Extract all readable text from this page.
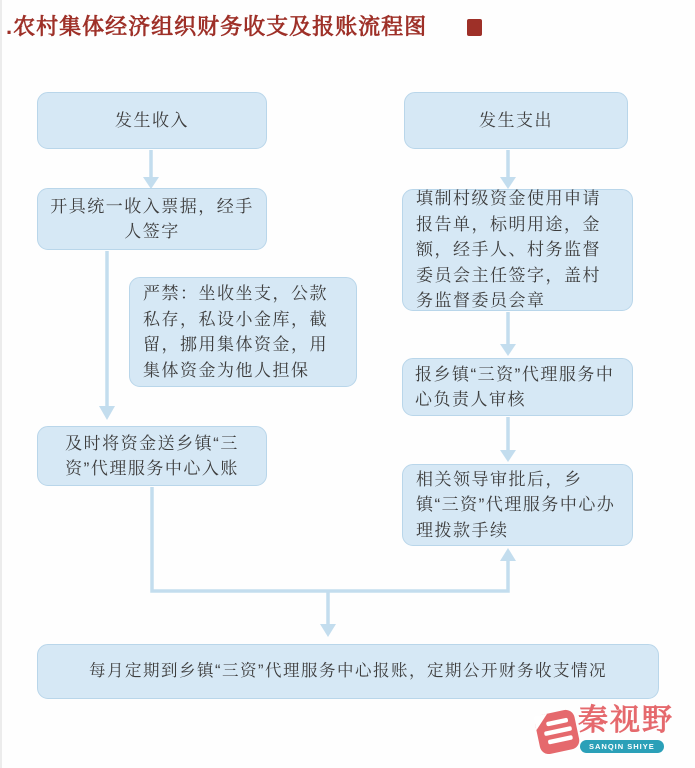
.农村集体经济组织财务收支及报账流程图
发生收入
开具统一收入票据，经手人签字
严禁：坐收坐支，公款私存，私设小金库，截留，挪用集体资金，用集体资金为他人担保
及时将资金送乡镇“三资”代理服务中心入账
发生支出
填制村级资金使用申请报告单，标明用途，金额，经手人、村务监督委员会主任签字，盖村务监督委员会章
报乡镇“三资”代理服务中心负责人审核
相关领导审批后，乡镇“三资”代理服务中心办理拨款手续
每月定期到乡镇“三资”代理服务中心报账，定期公开财务收支情况
秦视野
SANQIN SHIYE
